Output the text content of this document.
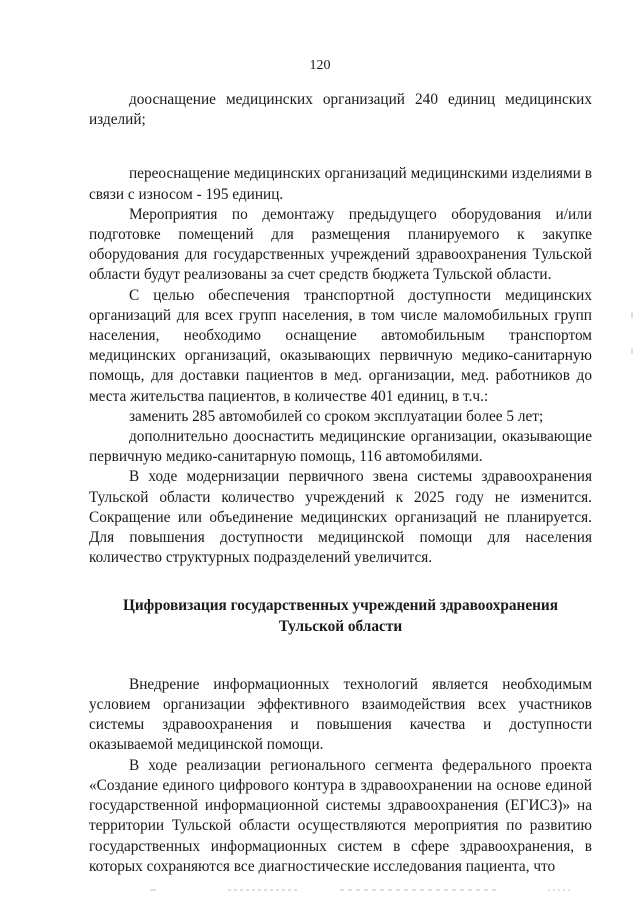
120

дооснащение медицинских организаций 240 единиц медицинских изделий;

переоснащение медицинских организаций медицинскими изделиями в связи с износом - 195 единиц.

Мероприятия по демонтажу предыдущего оборудования и/или подготовке помещений для размещения планируемого к закупке оборудования для государственных учреждений здравоохранения Тульской области будут реализованы за счет средств бюджета Тульской области.

С целью обеспечения транспортной доступности медицинских организаций для всех групп населения, в том числе маломобильных групп населения, необходимо оснащение автомобильным транспортом медицинских организаций, оказывающих первичную медико-санитарную помощь, для доставки пациентов в мед. организации, мед. работников до места жительства пациентов, в количестве 401 единиц, в т.ч.:

заменить 285 автомобилей со сроком эксплуатации более 5 лет;

дополнительно дооснастить медицинские организации, оказывающие первичную медико-санитарную помощь, 116 автомобилями.

В ходе модернизации первичного звена системы здравоохранения Тульской области количество учреждений к 2025 году не изменится. Сокращение или объединение медицинских организаций не планируется. Для повышения доступности медицинской помощи для населения количество структурных подразделений увеличится.

Цифровизация государственных учреждений здравоохранения
Тульской области

Внедрение информационных технологий является необходимым условием организации эффективного взаимодействия всех участников системы здравоохранения и повышения качества и доступности оказываемой медицинской помощи.

В ходе реализации регионального сегмента федерального проекта «Создание единого цифрового контура в здравоохранении на основе единой государственной информационной системы здравоохранения (ЕГИСЗ)» на территории Тульской области осуществляются мероприятия по развитию государственных информационных систем в сфере здравоохранения, в которых сохраняются все диагностические исследования пациента, что
